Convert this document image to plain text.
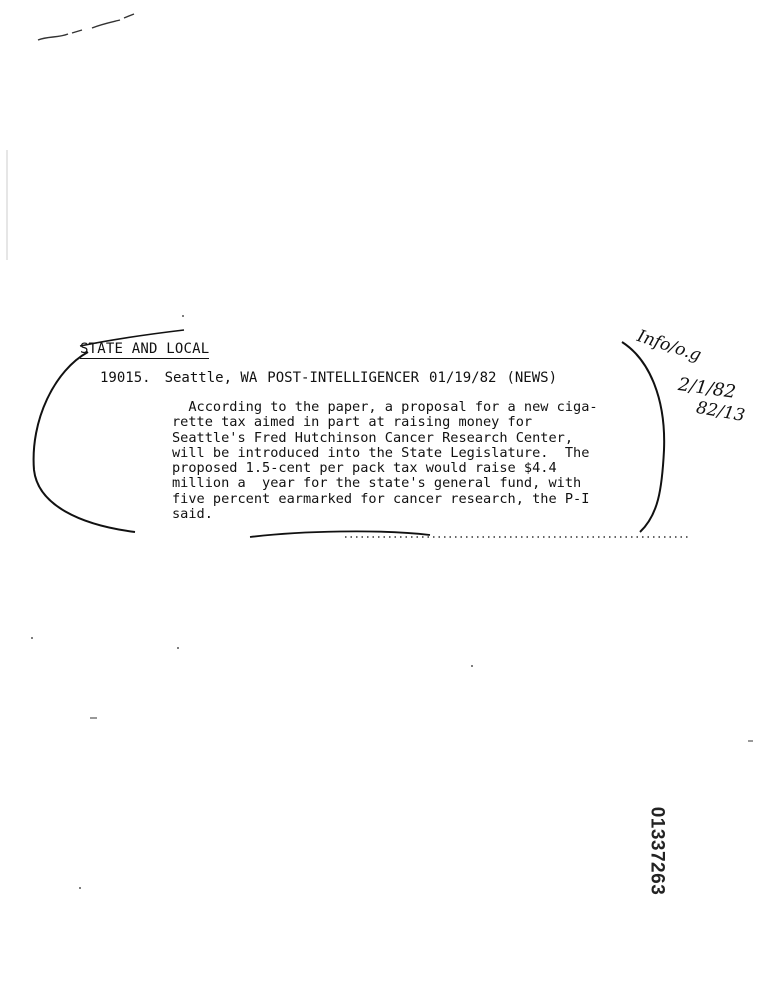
STATE AND LOCAL
19015. Seattle, WA POST-INTELLIGENCER 01/19/82 (NEWS)
According to the paper, a proposal for a new ciga-
rette tax aimed in part at raising money for
Seattle's Fred Hutchinson Cancer Research Center,
will be introduced into the State Legislature.  The
proposed 1.5-cent per pack tax would raise $4.4
million a  year for the state's general fund, with
five percent earmarked for cancer research, the P-I
said.
Info/o.g
2/1/82
82/13
01337263
